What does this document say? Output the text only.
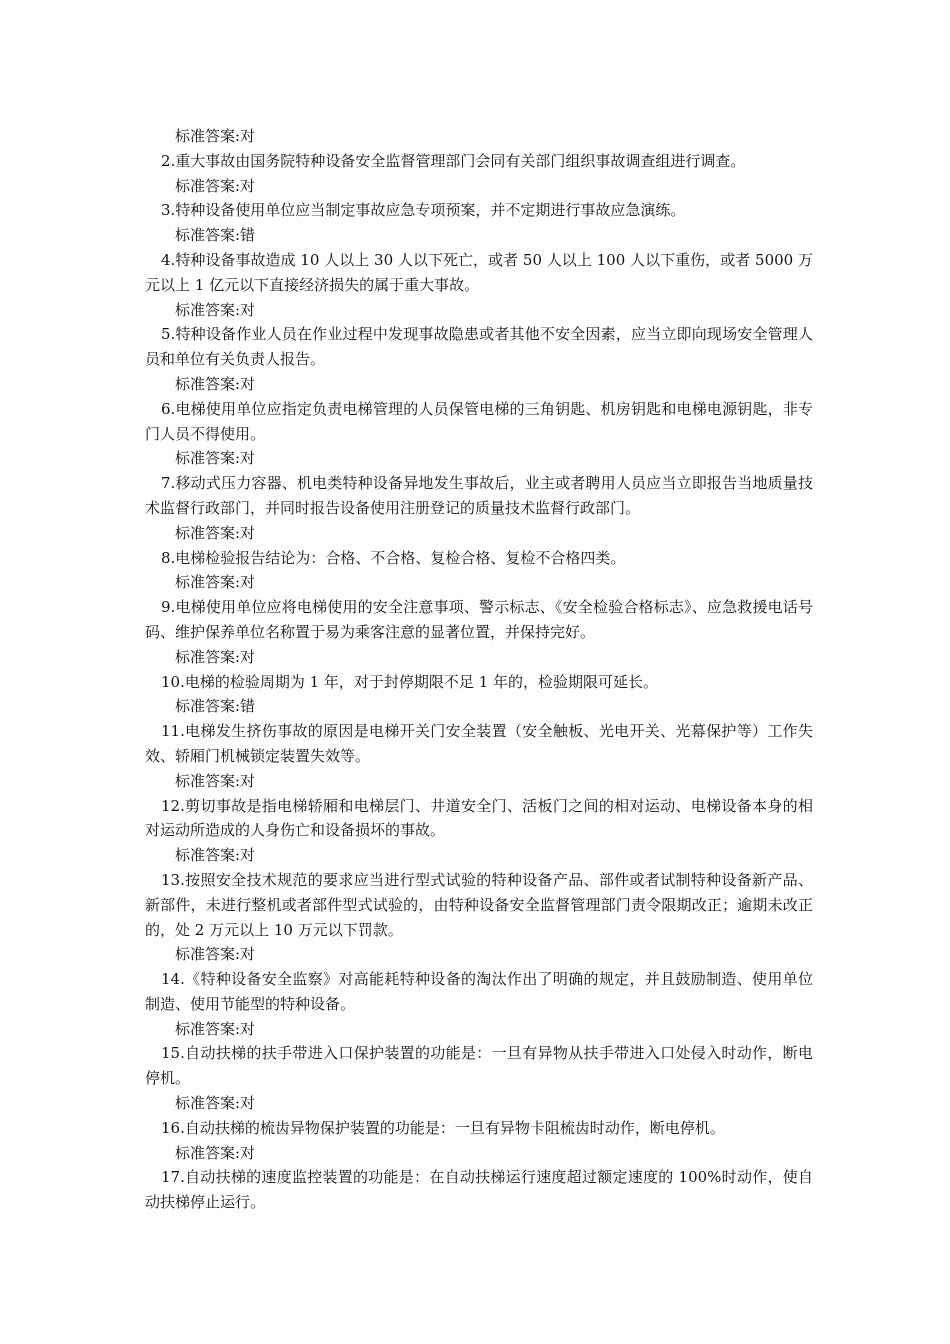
标准答案:对
2.重大事故由国务院特种设备安全监督管理部门会同有关部门组织事故调查组进行调查。
标准答案:对
3.特种设备使用单位应当制定事故应急专项预案，并不定期进行事故应急演练。
标准答案:错
4.特种设备事故造成 10 人以上 30 人以下死亡，或者 50 人以上 100 人以下重伤，或者 5000 万元以上 1 亿元以下直接经济损失的属于重大事故。
标准答案:对
5.特种设备作业人员在作业过程中发现事故隐患或者其他不安全因素，应当立即向现场安全管理人员和单位有关负责人报告。
标准答案:对
6.电梯使用单位应指定负责电梯管理的人员保管电梯的三角钥匙、机房钥匙和电梯电源钥匙，非专门人员不得使用。
标准答案:对
7.移动式压力容器、机电类特种设备异地发生事故后，业主或者聘用人员应当立即报告当地质量技术监督行政部门，并同时报告设备使用注册登记的质量技术监督行政部门。
标准答案:对
8.电梯检验报告结论为：合格、不合格、复检合格、复检不合格四类。
标准答案:对
9.电梯使用单位应将电梯使用的安全注意事项、警示标志、《安全检验合格标志》、应急救援电话号码、维护保养单位名称置于易为乘客注意的显著位置，并保持完好。
标准答案:对
10.电梯的检验周期为 1 年，对于封停期限不足 1 年的，检验期限可延长。
标准答案:错
11.电梯发生挤伤事故的原因是电梯开关门安全装置（安全触板、光电开关、光幕保护等）工作失效、轿厢门机械锁定装置失效等。
标准答案:对
12.剪切事故是指电梯轿厢和电梯层门、井道安全门、活板门之间的相对运动、电梯设备本身的相对运动所造成的人身伤亡和设备损坏的事故。
标准答案:对
13.按照安全技术规范的要求应当进行型式试验的特种设备产品、部件或者试制特种设备新产品、新部件，未进行整机或者部件型式试验的，由特种设备安全监督管理部门责令限期改正；逾期未改正的，处 2 万元以上 10 万元以下罚款。
标准答案:对
14.《特种设备安全监察》对高能耗特种设备的淘汰作出了明确的规定，并且鼓励制造、使用单位制造、使用节能型的特种设备。
标准答案:对
15.自动扶梯的扶手带进入口保护装置的功能是：一旦有异物从扶手带进入口处侵入时动作，断电停机。
标准答案:对
16.自动扶梯的梳齿异物保护装置的功能是：一旦有异物卡阻梳齿时动作，断电停机。
标准答案:对
17.自动扶梯的速度监控装置的功能是：在自动扶梯运行速度超过额定速度的 100%时动作，使自动扶梯停止运行。
